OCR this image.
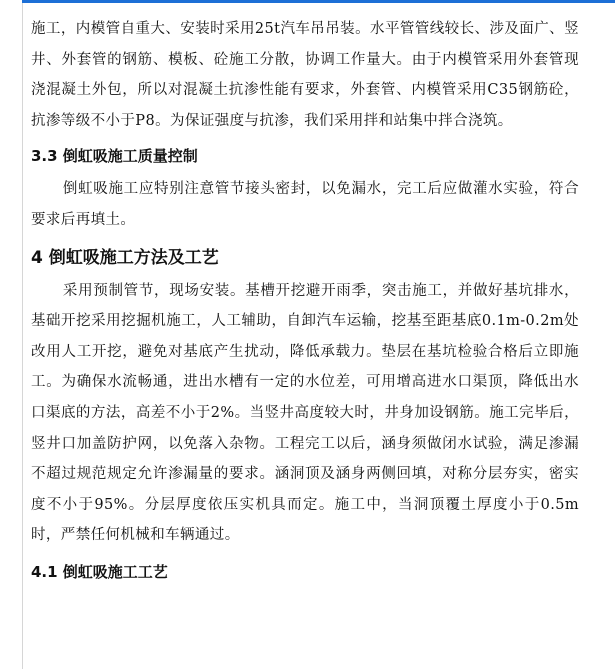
施工，内模管自重大、安装时采用25t汽车吊吊装。水平管管线较长、涉及面广、竖井、外套管的钢筋、模板、砼施工分散，协调工作量大。由于内模管采用外套管现浇混凝土外包，所以对混凝土抗渗性能有要求，外套管、内模管采用C35钢筋砼，抗渗等级不小于P8。为保证强度与抗渗，我们采用拌和站集中拌合浇筑。

3.3 倒虹吸施工质量控制

倒虹吸施工应特别注意管节接头密封，以免漏水，完工后应做灌水实验，符合要求后再填土。

4 倒虹吸施工方法及工艺

采用预制管节，现场安装。基槽开挖避开雨季，突击施工，并做好基坑排水，基础开挖采用挖掘机施工，人工辅助，自卸汽车运输，挖基至距基底0.1m-0.2m处改用人工开挖，避免对基底产生扰动，降低承载力。垫层在基坑检验合格后立即施工。为确保水流畅通，进出水槽有一定的水位差，可用增高进水口渠顶，降低出水口渠底的方法，高差不小于2%。当竖井高度较大时，井身加设钢筋。施工完毕后，竖井口加盖防护网，以免落入杂物。工程完工以后，涵身须做闭水试验，满足渗漏不超过规范规定允许渗漏量的要求。涵洞顶及涵身两侧回填，对称分层夯实，密实度不小于95%。分层厚度依压实机具而定。施工中，当洞顶覆土厚度小于0.5m时，严禁任何机械和车辆通过。

4.1 倒虹吸施工工艺
